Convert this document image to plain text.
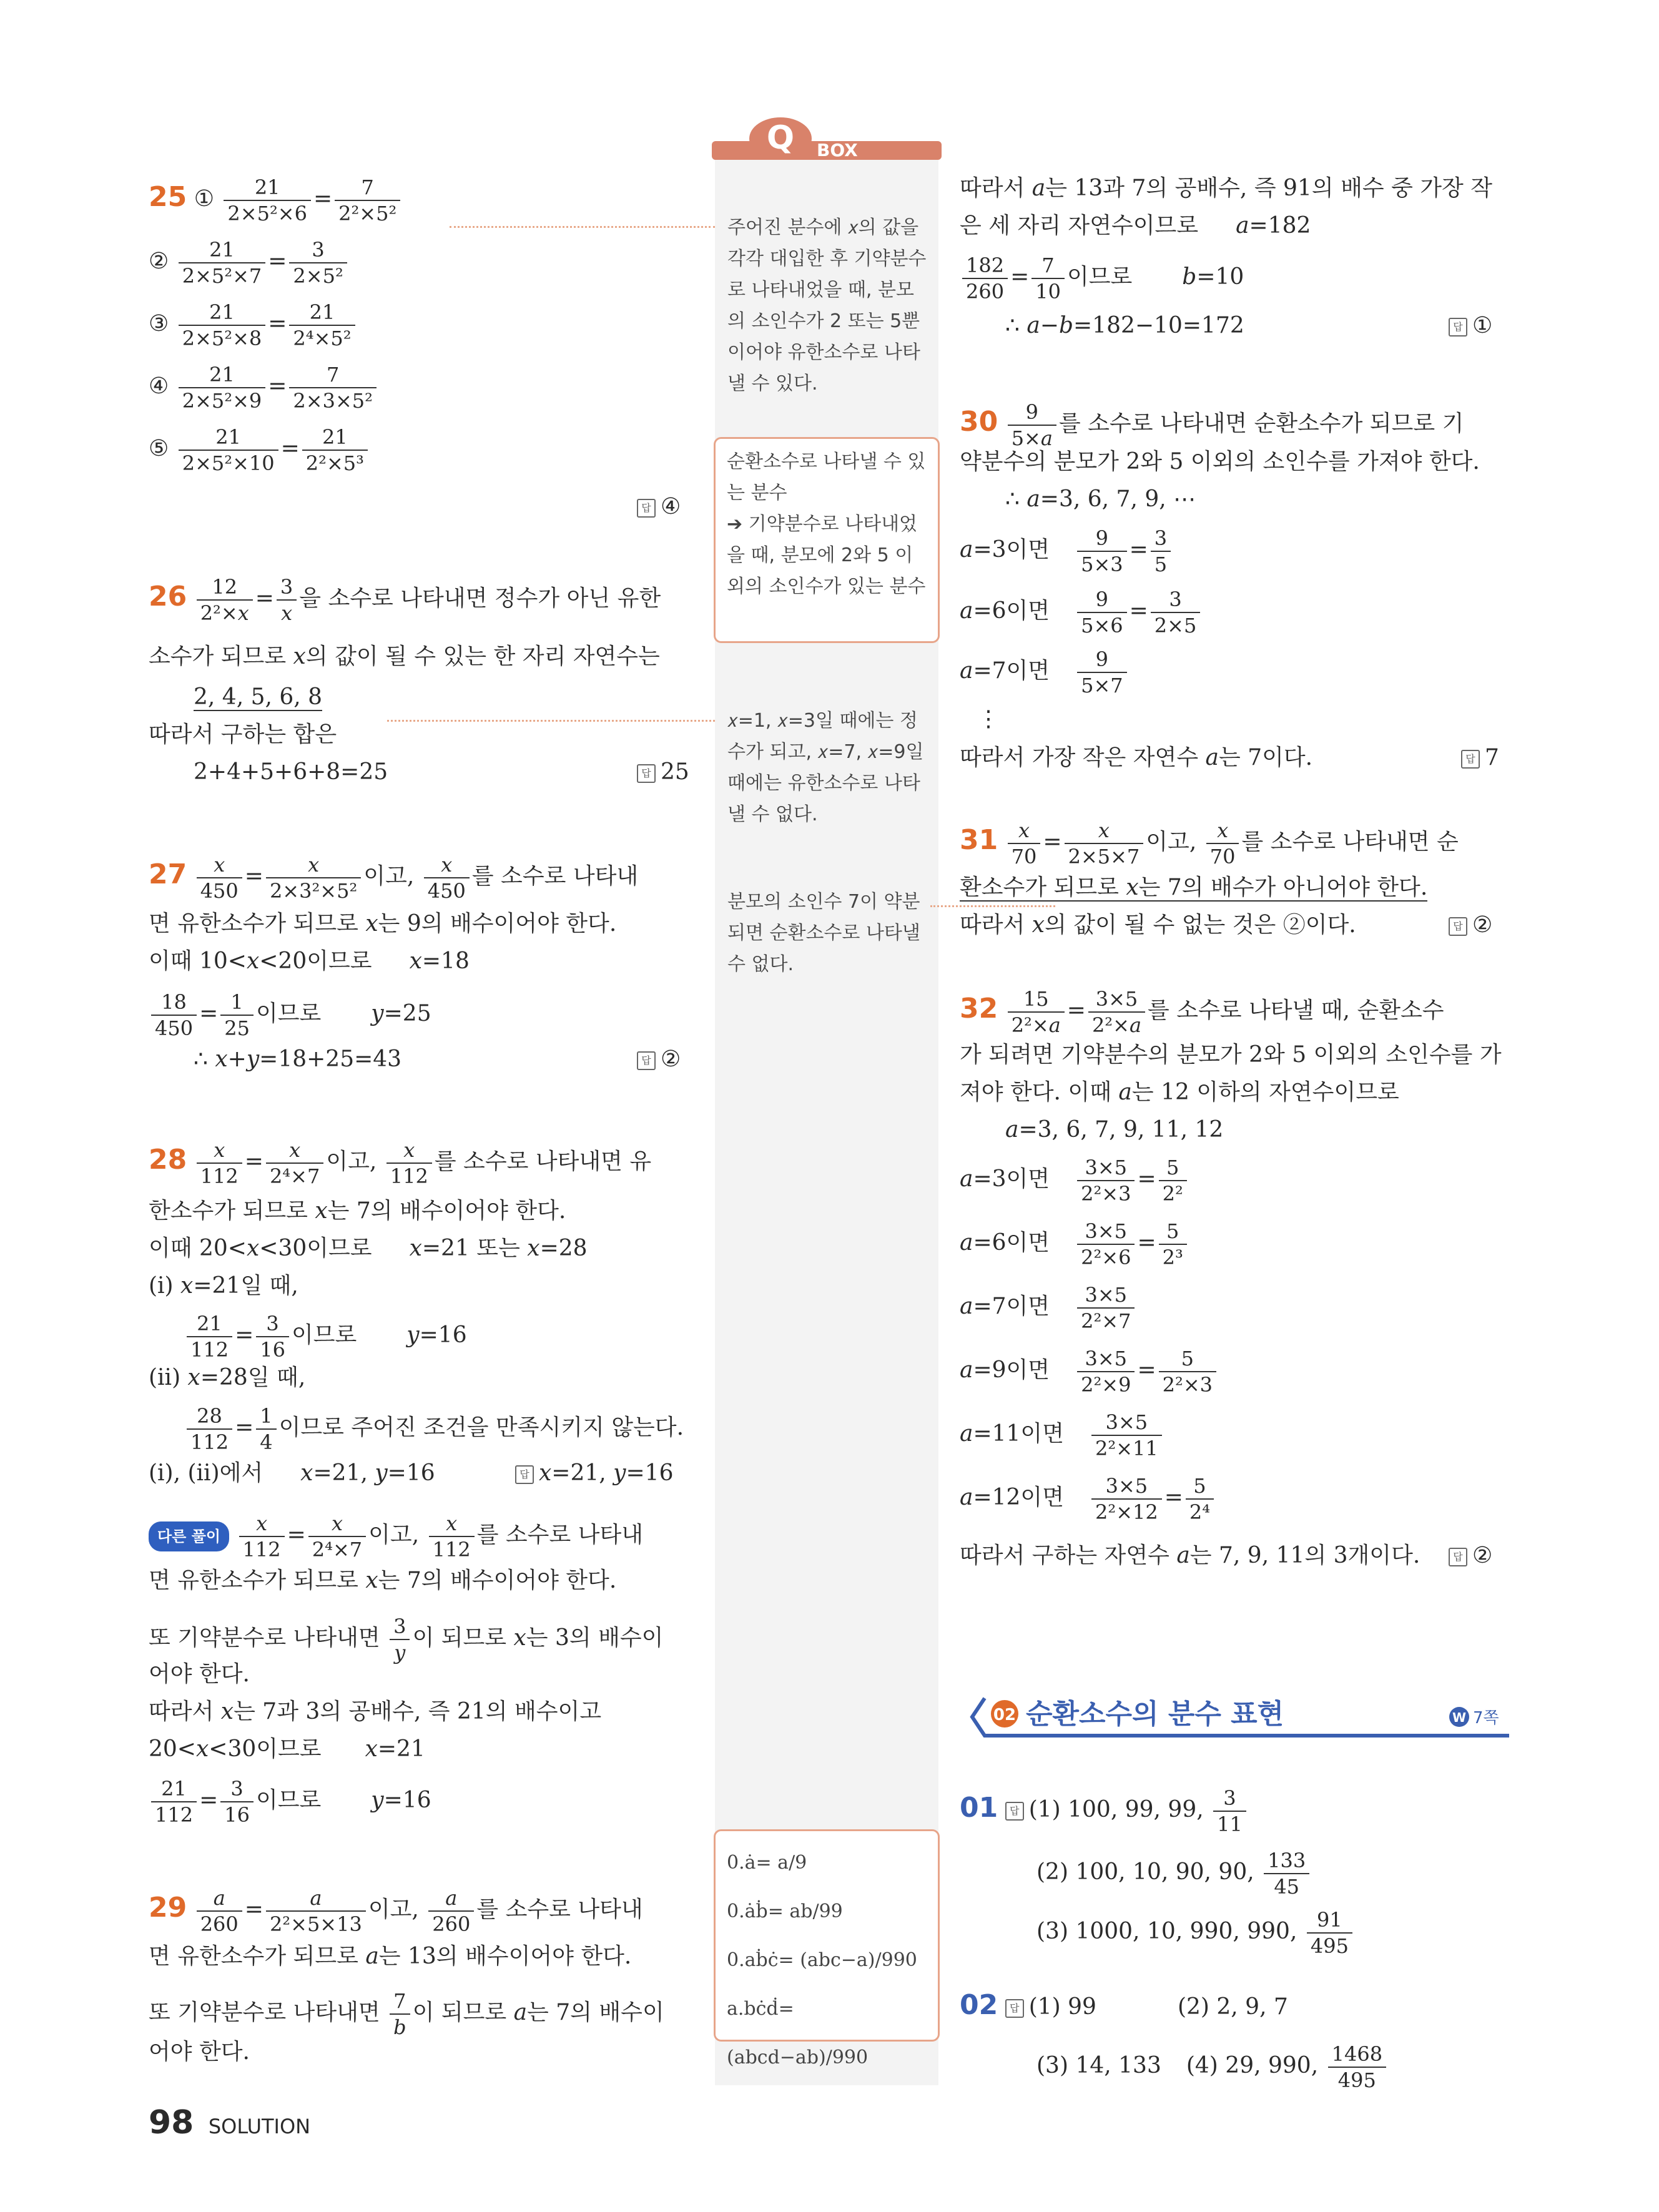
Q BOX
주어진 분수에 𝑥의 값을 각각 대입한 후 기약분수로 나타내었을 때, 분모의 소인수가 2 또는 5뿐이어야 유한소수로 나타낼 수 있다.
순환소수로 나타낼 수 있는 분수
➔ 기약분수로 나타내었을 때, 분모에 2와 5 이외의 소인수가 있는 분수
𝑥=1, 𝑥=3일 때에는 정수가 되고, 𝑥=7, 𝑥=9일 때에는 유한소수로 나타낼 수 없다.
분모의 소인수 7이 약분되면 순환소수로 나타낼 수 없다.
0.ȧ= a/9
0.ȧḃ= ab/99
0.aḃċ= (abc−a)/990
a.bċḋ= (abcd−ab)/990
25 ① $\frac{21}{\text{2×5²×6}} = \frac{7}{\text{2²×5²}}$
② $\frac{21}{\text{2×5²×7}} = \frac{3}{\text{2×5²}}$
③ $\frac{21}{\text{2×5²×8}} = \frac{21}{\text{2⁴×5²}}$
④ $\frac{21}{\text{2×5²×9}} = \frac{7}{\text{2×3×5²}}$
⑤ $\frac{21}{\text{2×5²×10}} = \frac{21}{\text{2²×5³}}$
답 ④
$26 \frac{12}{\text{2²×𝑥}} = \frac{3}{\text{𝑥}}$ 을 소수로 나타내면 정수가 아닌 유한
소수가 되므로 𝑥의 값이 될 수 있는 한 자리 자연수는
2, 4, 5, 6, 8
따라서 구하는 합은
2+4+5+6+8=25	답 25
$27 \frac{\text{𝑥}}{450} = \frac{\text{𝑥}}{\text{2×3²×5²}}$ 이고, $\frac{\text{𝑥}}{450}$ 를 소수로 나타내
면 유한소수가 되므로 𝑥는 9의 배수이어야 한다.
이때 10<𝑥<20이므로 𝑥=18
$\frac{18}{450} = \frac{1}{25}$ 이므로 𝑦=25
∴ 𝑥+𝑦=18+25=43	답 ②
$28 \frac{\text{𝑥}}{112} = \frac{\text{𝑥}}{\text{2⁴×7}}$ 이고, $\frac{\text{𝑥}}{112}$ 를 소수로 나타내면 유
한소수가 되므로 𝑥는 7의 배수이어야 한다.
이때 20<𝑥<30이므로 𝑥=21 또는 𝑥=28
(i) 𝑥=21일 때,
$\frac{21}{112} = \frac{3}{16}$ 이므로 𝑦=16
(ii) 𝑥=28일 때,
$\frac{28}{112} = \frac{1}{4}$ 이므로 주어진 조건을 만족시키지 않는다.
(i), (ii)에서 𝑥=21, 𝑦=16	답 𝑥=21, 𝑦=16
다른 풀이 $\frac{\text{𝑥}}{112} = \frac{\text{𝑥}}{\text{2⁴×7}}$ 이고, $\frac{\text{𝑥}}{112}$ 를 소수로 나타내
면 유한소수가 되므로 𝑥는 7의 배수이어야 한다.
또 기약분수로 나타내면 $\frac{3}{\text{𝑦}}$ 이 되므로 𝑥는 3의 배수이
어야 한다.
따라서 𝑥는 7과 3의 공배수, 즉 21의 배수이고
20<𝑥<30이므로 𝑥=21
$\frac{21}{112} = \frac{3}{16}$ 이므로 𝑦=16
$29 \frac{\text{𝑎}}{260} = \frac{\text{𝑎}}{\text{2²×5×13}}$ 이고, $\frac{\text{𝑎}}{260}$ 를 소수로 나타내
면 유한소수가 되므로 𝑎는 13의 배수이어야 한다.
또 기약분수로 나타내면 $\frac{7}{\text{𝑏}}$ 이 되므로 𝑎는 7의 배수이
어야 한다.
따라서 𝑎는 13과 7의 공배수, 즉 91의 배수 중 가장 작
은 세 자리 자연수이므로 𝑎=182
$\frac{182}{260} = \frac{7}{10}$ 이므로 𝑏=10
∴ 𝑎−𝑏=182−10=172	답 ①
$30 \frac{9}{\text{5×𝑎}}$ 를 소수로 나타내면 순환소수가 되므로 기
약분수의 분모가 2와 5 이외의 소인수를 가져야 한다.
∴ 𝑎=3, 6, 7, 9, ⋯
𝑎=3이면 $\frac{9}{5\times 3} = \frac{3}{5}$
𝑎=6이면 $\frac{9}{5\times 6} = \frac{3}{2\times 5}$
𝑎=7이면 $\frac{9}{5\times 7}$
⋮
따라서 가장 작은 자연수 𝑎는 7이다.	답 7
$31 \frac{\text{𝑥}}{70} = \frac{\text{𝑥}}{2\times 5\times 7}$ 이고, $\frac{\text{𝑥}}{70}$ 를 소수로 나타내면 순
환소수가 되므로 𝑥는 7의 배수가 아니어야 한다.
따라서 𝑥의 값이 될 수 없는 것은 ②이다.	답 ②
$32 \frac{15}{\text{2²×𝑎}} = \frac{3\times 5}{\text{2²×𝑎}}$ 를 소수로 나타낼 때, 순환소수
가 되려면 기약분수의 분모가 2와 5 이외의 소인수를 가
져야 한다. 이때 𝑎는 12 이하의 자연수이므로
𝑎=3, 6, 7, 9, 11, 12
𝑎=3이면 $\frac{3\times 5}{\text{2²×3}} = \frac{5}{\text{2²}}$
𝑎=6이면 $\frac{3\times 5}{\text{2²×6}} = \frac{5}{\text{2³}}$
𝑎=7이면 $\frac{3\times 5}{\text{2²×7}}$
𝑎=9이면 $\frac{3\times 5}{\text{2²×9}} = \frac{5}{\text{2²×3}}$
𝑎=11이면 $\frac{3\times 5}{\text{2²×11}}$
𝑎=12이면 $\frac{3\times 5}{\text{2²×12}} = \frac{5}{\text{2⁴}}$
따라서 구하는 자연수 𝑎는 7, 9, 11의 3개이다.	답 ②
02 순환소수의 분수 표현	W 7쪽
01 답 (1) 100, 99, 99, $\frac{3}{11}$
(2) 100, 10, 90, 90, $\frac{133}{45}$
(3) 1000, 10, 990, 990, $\frac{91}{495}$
02 답 (1) 99	(2) 2, 9, 7
(3) 14, 133 (4) 29, 990, $\frac{1468}{495}$
98 SOLUTION
